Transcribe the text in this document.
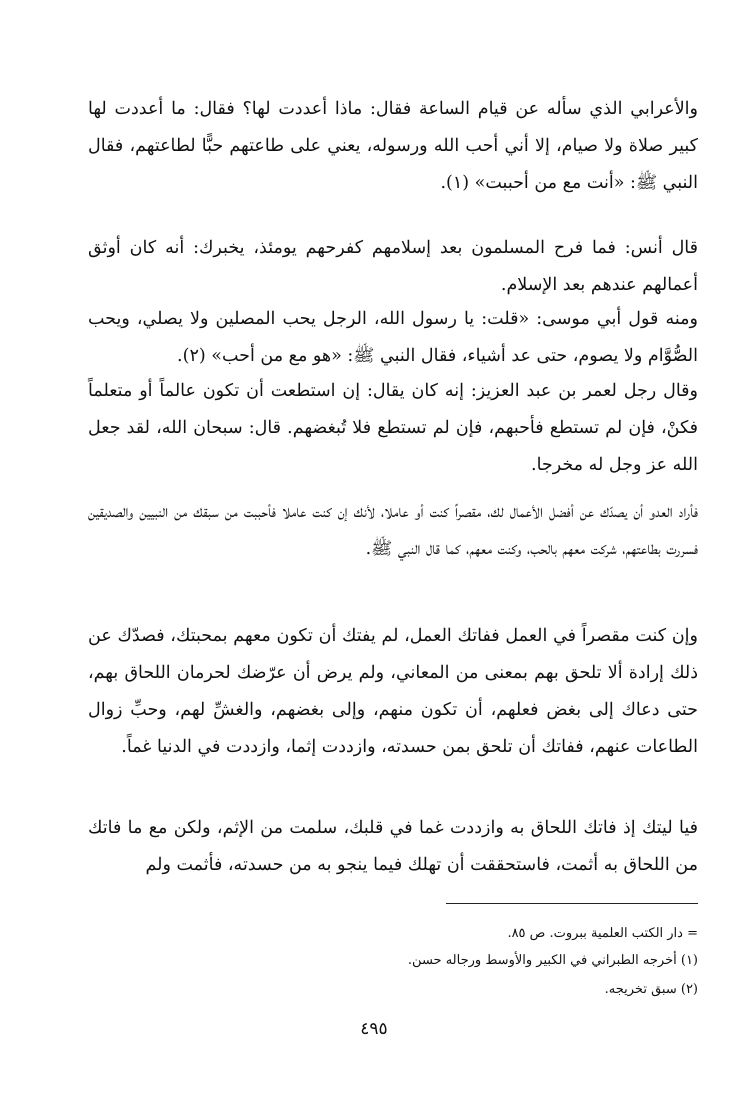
والأعرابي الذي سأله عن قيام الساعة فقال: ماذا أعددت لها؟ فقال: ما أعددت لها كبير صلاة ولا صيام، إلا أني أحب الله ورسوله، يعني على طاعتهم حبًّا لطاعتهم، فقال النبي ﷺ: «أنت مع من أحببت» (١).

قال أنس: فما فرح المسلمون بعد إسلامهم كفرحهم يومئذ، يخبرك: أنه كان أوثق أعمالهم عندهم بعد الإسلام.

ومنه قول أبي موسى: «قلت: يا رسول الله، الرجل يحب المصلين ولا يصلي، ويحب الصُّوَّام ولا يصوم، حتى عد أشياء، فقال النبي ﷺ: «هو مع من أحب» (٢).

وقال رجل لعمر بن عبد العزيز: إنه كان يقال: إن استطعت أن تكون عالماً أو متعلماً فكنْ، فإن لم تستطع فأحبهم، فإن لم تستطع فلا تُبغضهم. قال: سبحان الله، لقد جعل الله عز وجل له مخرجا.

فأراد العدو أن يصدّك عن أفضل الأعمال لك، مقصراً كنت أو عاملا، لأنك إن كنت عاملا فأحببت من سبقك من النبيين والصديقين فسررت بطاعتهم، شركت معهم بالحب، وكنت معهم، كما قال النبي ﷺ.

وإن كنت مقصراً في العمل ففاتك العمل، لم يفتك أن تكون معهم بمحبتك، فصدّك عن ذلك إرادة ألا تلحق بهم بمعنى من المعاني، ولم يرض أن عرّضك لحرمان اللحاق بهم، حتى دعاك إلى بغض فعلهم، أن تكون منهم، وإلى بغضهم، والغشِّ لهم، وحبِّ زوال الطاعات عنهم، ففاتك أن تلحق بمن حسدته، وازددت إثما، وازددت في الدنيا غماً.

فيا ليتك إذ فاتك اللحاق به وازددت غما في قلبك، سلمت من الإثم، ولكن مع ما فاتك من اللحاق به أثمت، فاستحققت أن تهلك فيما ينجو به من حسدته، فأثمت ولم

= دار الكتب العلمية ببروت. ص ٨٥.

(١) أخرجه الطبراني في الكبير والأوسط ورجاله حسن.

(٢) سبق تخريجه.

٤٩٥
